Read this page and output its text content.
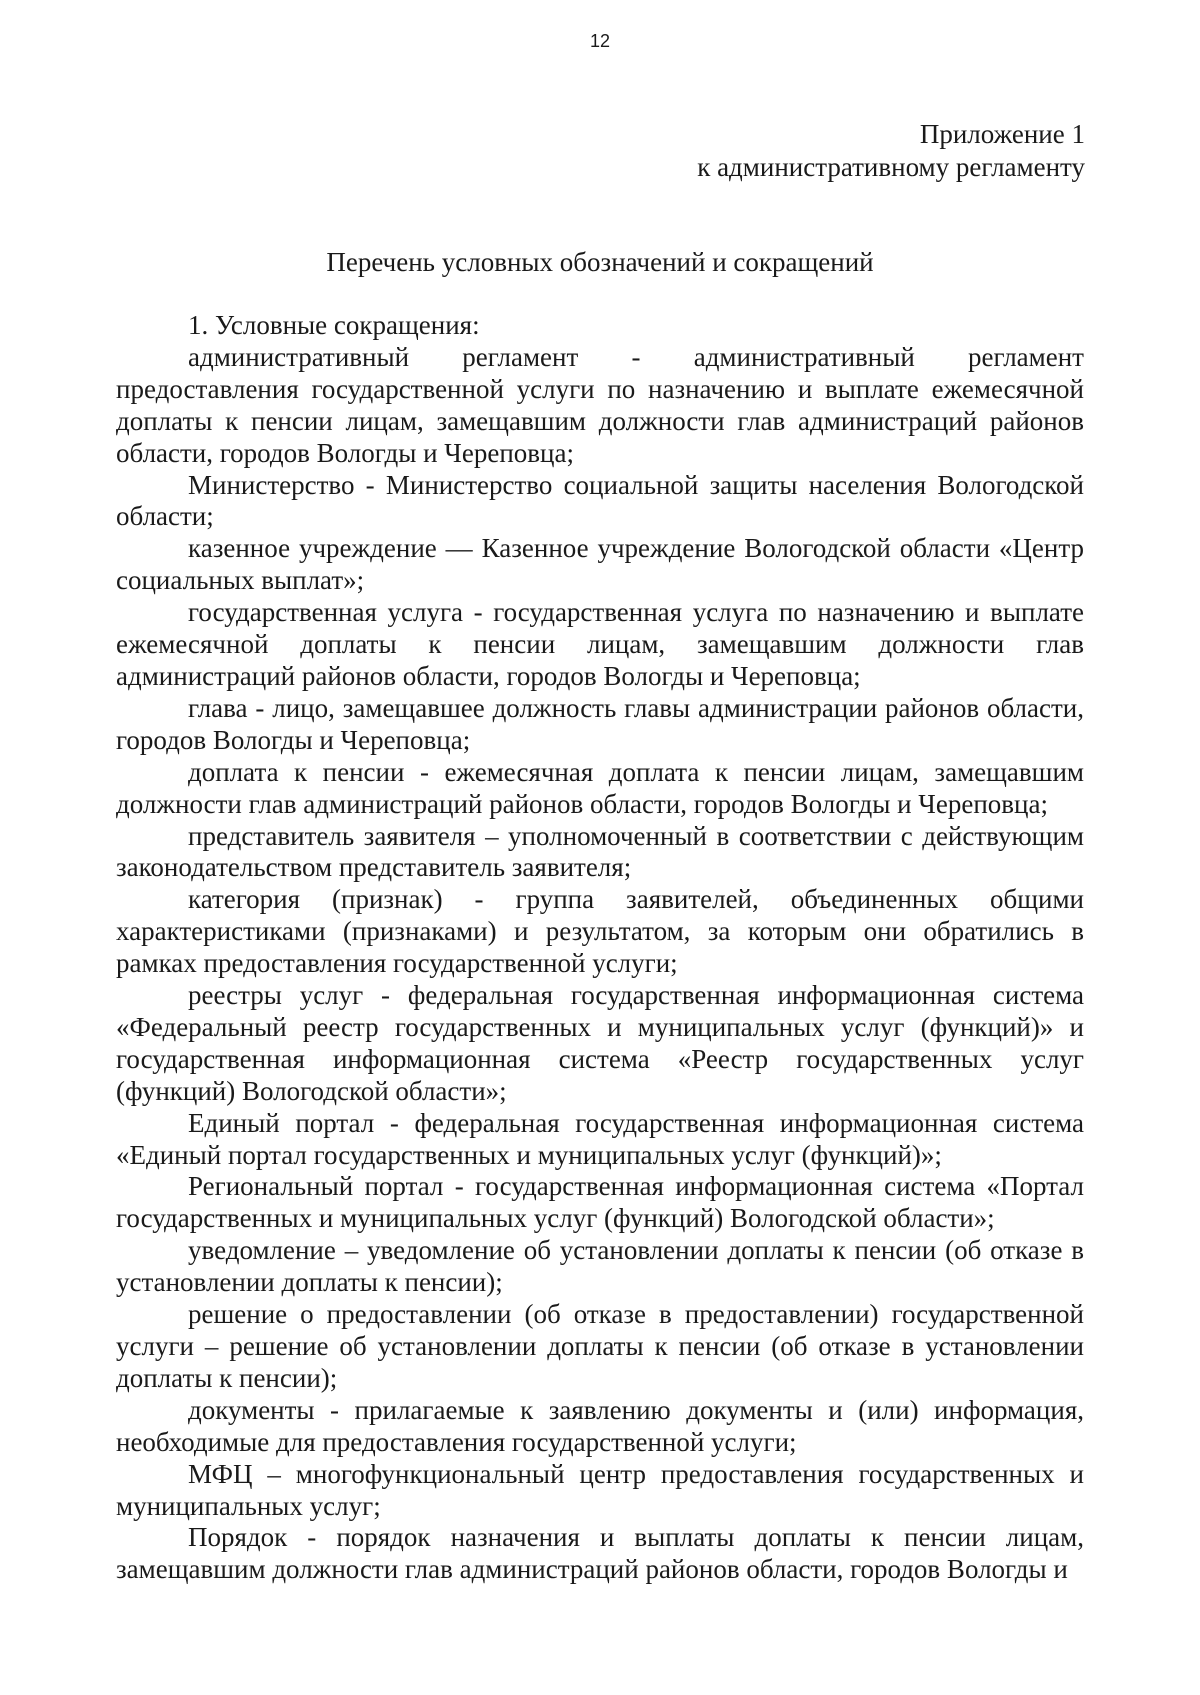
12
Приложение 1
к административному регламенту
Перечень условных обозначений и сокращений

1. Условные сокращения:

административный регламент - административный регламент предоставления государственной услуги по назначению и выплате ежемесячной доплаты к пенсии лицам, замещавшим должности глав администраций районов области, городов Вологды и Череповца;

Министерство - Министерство социальной защиты населения Вологодской области;

казенное учреждение — Казенное учреждение Вологодской области «Центр социальных выплат»;

государственная услуга - государственная услуга по назначению и выплате ежемесячной доплаты к пенсии лицам, замещавшим должности глав администраций районов области, городов Вологды и Череповца;

глава - лицо, замещавшее должность главы администрации районов области, городов Вологды и Череповца;

доплата к пенсии - ежемесячная доплата к пенсии лицам, замещавшим должности глав администраций районов области, городов Вологды и Череповца;

представитель заявителя – уполномоченный в соответствии с действующим законодательством представитель заявителя;

категория (признак) - группа заявителей, объединенных общими характеристиками (признаками) и результатом, за которым они обратились в рамках предоставления государственной услуги;

реестры услуг - федеральная государственная информационная система «Федеральный реестр государственных и муниципальных услуг (функций)» и государственная информационная система «Реестр государственных услуг (функций) Вологодской области»;

Единый портал - федеральная государственная информационная система «Единый портал государственных и муниципальных услуг (функций)»;

Региональный портал - государственная информационная система «Портал государственных и муниципальных услуг (функций) Вологодской области»;

уведомление – уведомление об установлении доплаты к пенсии (об отказе в установлении доплаты к пенсии);

решение о предоставлении (об отказе в предоставлении) государственной услуги – решение об установлении доплаты к пенсии (об отказе в установлении доплаты к пенсии);

документы - прилагаемые к заявлению документы и (или) информация, необходимые для предоставления государственной услуги;

МФЦ – многофункциональный центр предоставления государственных и муниципальных услуг;

Порядок - порядок назначения и выплаты доплаты к пенсии лицам, замещавшим должности глав администраций районов области, городов Вологды и
